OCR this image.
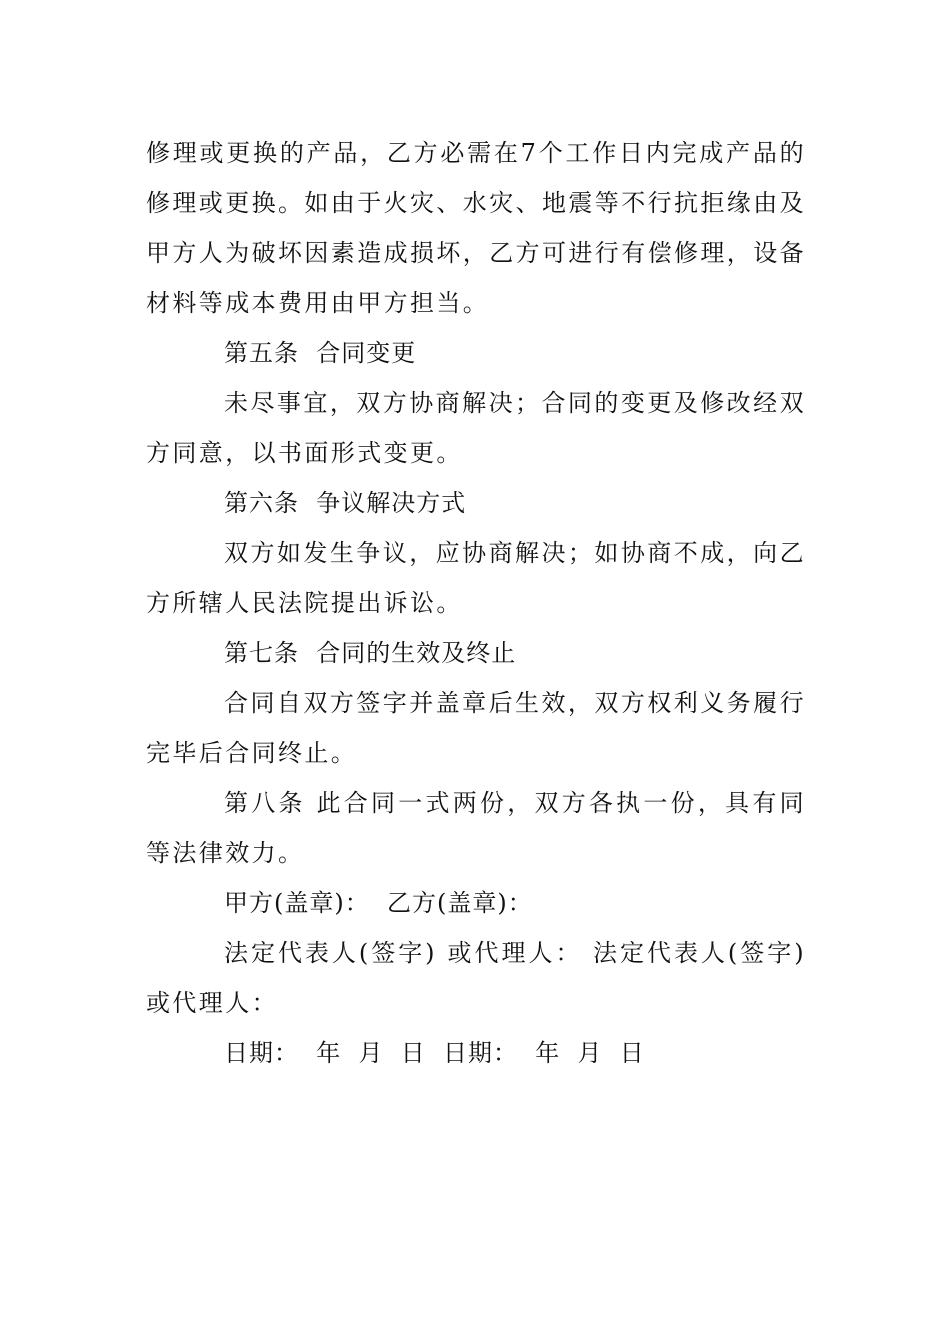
修理或更换的产品，乙方必需在7个工作日内完成产品的修理或更换。如由于火灾、水灾、地震等不行抗拒缘由及甲方人为破坏因素造成损坏，乙方可进行有偿修理，设备材料等成本费用由甲方担当。

第五条  合同变更

未尽事宜，双方协商解决；合同的变更及修改经双方同意，以书面形式变更。

第六条  争议解决方式

双方如发生争议，应协商解决；如协商不成，向乙方所辖人民法院提出诉讼。

第七条  合同的生效及终止

合同自双方签字并盖章后生效，双方权利义务履行完毕后合同终止。

第八条 此合同一式两份，双方各执一份，具有同等法律效力。

甲方(盖章)：  乙方(盖章)：

法定代表人(签字) 或代理人： 法定代表人(签字) 或代理人：

日期：  年  月  日  日期：  年  月  日
